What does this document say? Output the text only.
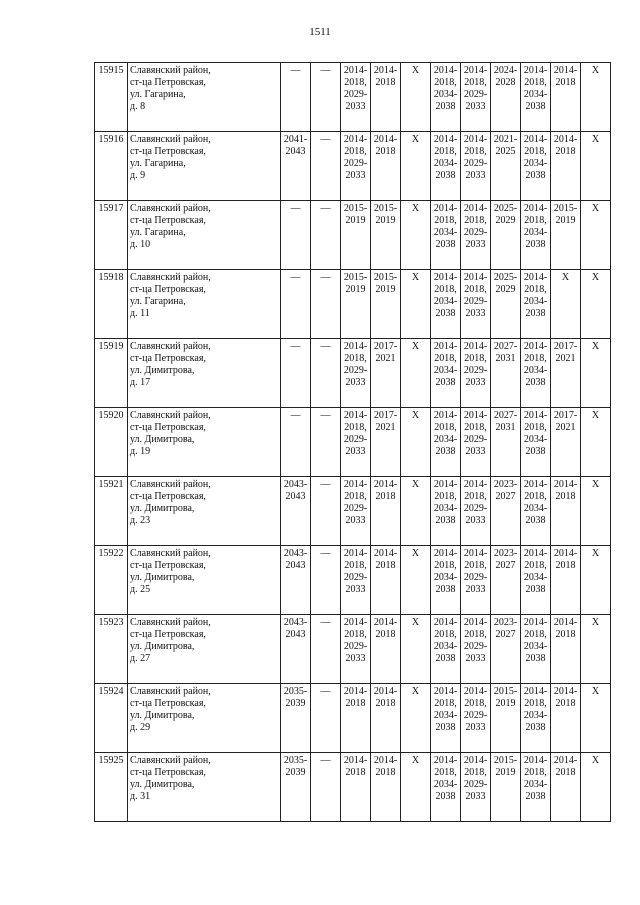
1511
15915	Славянский район,
ст-ца Петровская,
ул. Гагарина,
д. 8	—	—	2014-
2018,
2029-
2033	2014-
2018	X	2014-
2018,
2034-
2038	2014-
2018,
2029-
2033	2024-
2028	2014-
2018,
2034-
2038	2014-
2018	X

15916	Славянский район,
ст-ца Петровская,
ул. Гагарина,
д. 9	2041-
2043	—	2014-
2018,
2029-
2033	2014-
2018	X	2014-
2018,
2034-
2038	2014-
2018,
2029-
2033	2021-
2025	2014-
2018,
2034-
2038	2014-
2018	X

15917	Славянский район,
ст-ца Петровская,
ул. Гагарина,
д. 10	—	—	2015-
2019	2015-
2019	X	2014-
2018,
2034-
2038	2014-
2018,
2029-
2033	2025-
2029	2014-
2018,
2034-
2038	2015-
2019	X

15918	Славянский район,
ст-ца Петровская,
ул. Гагарина,
д. 11	—	—	2015-
2019	2015-
2019	X	2014-
2018,
2034-
2038	2014-
2018,
2029-
2033	2025-
2029	2014-
2018,
2034-
2038	X	X

15919	Славянский район,
ст-ца Петровская,
ул. Димитрова,
д. 17	—	—	2014-
2018,
2029-
2033	2017-
2021	X	2014-
2018,
2034-
2038	2014-
2018,
2029-
2033	2027-
2031	2014-
2018,
2034-
2038	2017-
2021	X

15920	Славянский район,
ст-ца Петровская,
ул. Димитрова,
д. 19	—	—	2014-
2018,
2029-
2033	2017-
2021	X	2014-
2018,
2034-
2038	2014-
2018,
2029-
2033	2027-
2031	2014-
2018,
2034-
2038	2017-
2021	X

15921	Славянский район,
ст-ца Петровская,
ул. Димитрова,
д. 23	2043-
2043	—	2014-
2018,
2029-
2033	2014-
2018	X	2014-
2018,
2034-
2038	2014-
2018,
2029-
2033	2023-
2027	2014-
2018,
2034-
2038	2014-
2018	X

15922	Славянский район,
ст-ца Петровская,
ул. Димитрова,
д. 25	2043-
2043	—	2014-
2018,
2029-
2033	2014-
2018	X	2014-
2018,
2034-
2038	2014-
2018,
2029-
2033	2023-
2027	2014-
2018,
2034-
2038	2014-
2018	X

15923	Славянский район,
ст-ца Петровская,
ул. Димитрова,
д. 27	2043-
2043	—	2014-
2018,
2029-
2033	2014-
2018	X	2014-
2018,
2034-
2038	2014-
2018,
2029-
2033	2023-
2027	2014-
2018,
2034-
2038	2014-
2018	X

15924	Славянский район,
ст-ца Петровская,
ул. Димитрова,
д. 29	2035-
2039	—	2014-
2018	2014-
2018	X	2014-
2018,
2034-
2038	2014-
2018,
2029-
2033	2015-
2019	2014-
2018,
2034-
2038	2014-
2018	X

15925	Славянский район,
ст-ца Петровская,
ул. Димитрова,
д. 31	2035-
2039	—	2014-
2018	2014-
2018	X	2014-
2018,
2034-
2038	2014-
2018,
2029-
2033	2015-
2019	2014-
2018,
2034-
2038	2014-
2018	X
